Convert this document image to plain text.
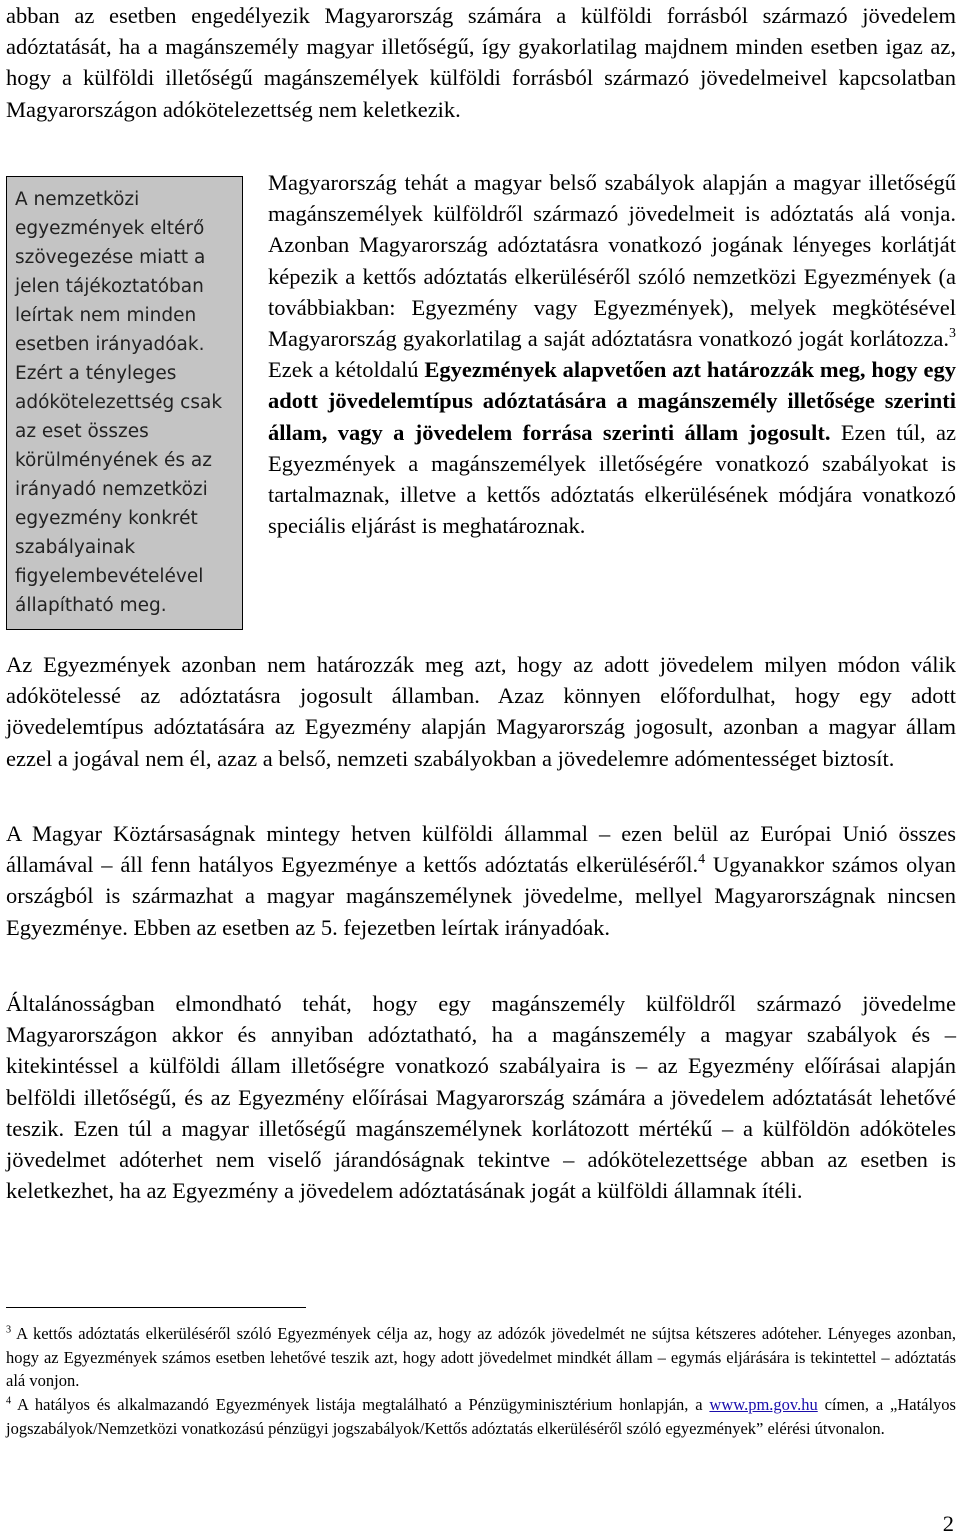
abban az esetben engedélyezik Magyarország számára a külföldi forrásból származó jövedelem adóztatását, ha a magánszemély magyar illetőségű, így gyakorlatilag majdnem minden esetben igaz az, hogy a külföldi illetőségű magánszemélyek külföldi forrásból származó jövedelmeivel kapcsolatban Magyarországon adókötelezettség nem keletkezik.

A nemzetközi egyezmények eltérő szövegezése miatt a jelen tájékoztatóban leírtak nem minden esetben irányadóak. Ezért a tényleges adókötelezettség csak az eset összes körülményének és az irányadó nemzetközi egyezmény konkrét szabályainak figyelembevételével állapítható meg.

Magyarország tehát a magyar belső szabályok alapján a magyar illetőségű magánszemélyek külföldről származó jövedelmeit is adóztatás alá vonja. Azonban Magyarország adóztatásra vonatkozó jogának lényeges korlátját képezik a kettős adóztatás elkerüléséről szóló nemzetközi Egyezmények (a továbbiakban: Egyezmény vagy Egyezmények), melyek megkötésével Magyarország gyakorlatilag a saját adóztatásra vonatkozó jogát korlátozza.$^3$ Ezek a kétoldalú Egyezmények alapvetően azt határozzák meg, hogy egy adott jövedelemtípus adóztatására a magánszemély illetősége szerinti állam, vagy a jövedelem forrása szerinti állam jogosult. Ezen túl, az Egyezmények a magánszemélyek illetőségére vonatkozó szabályokat is tartalmaznak, illetve a kettős adóztatás elkerülésének módjára vonatkozó speciális eljárást is meghatároznak.

Az Egyezmények azonban nem határozzák meg azt, hogy az adott jövedelem milyen módon válik adókötelessé az adóztatásra jogosult államban. Azaz könnyen előfordulhat, hogy egy adott jövedelemtípus adóztatására az Egyezmény alapján Magyarország jogosult, azonban a magyar állam ezzel a jogával nem él, azaz a belső, nemzeti szabályokban a jövedelemre adómentességet biztosít.

A Magyar Köztársaságnak mintegy hetven külföldi állammal – ezen belül az Európai Unió összes államával – áll fenn hatályos Egyezménye a kettős adóztatás elkerüléséről.$^4$ Ugyanakkor számos olyan országból is származhat a magyar magánszemélynek jövedelme, mellyel Magyarországnak nincsen Egyezménye. Ebben az esetben az 5. fejezetben leírtak irányadóak.

Általánosságban elmondható tehát, hogy egy magánszemély külföldről származó jövedelme Magyarországon akkor és annyiban adóztatható, ha a magánszemély a magyar szabályok és – kitekintéssel a külföldi állam illetőségre vonatkozó szabályaira is – az Egyezmény előírásai alapján belföldi illetőségű, és az Egyezmény előírásai Magyarország számára a jövedelem adóztatását lehetővé teszik. Ezen túl a magyar illetőségű magánszemélynek korlátozott mértékű – a külföldön adóköteles jövedelmet adóterhet nem viselő járandóságnak tekintve – adókötelezettsége abban az esetben is keletkezhet, ha az Egyezmény a jövedelem adóztatásának jogát a külföldi államnak ítéli.

$^3$ A kettős adóztatás elkerüléséről szóló Egyezmények célja az, hogy az adózók jövedelmét ne sújtsa kétszeres adóteher. Lényeges azonban, hogy az Egyezmények számos esetben lehetővé teszik azt, hogy adott jövedelmet mindkét állam – egymás eljárására is tekintettel – adóztatás alá vonjon.

$^4$ A hatályos és alkalmazandó Egyezmények listája megtalálható a Pénzügyminisztérium honlapján, a www.pm.gov.hu címen, a „Hatályos jogszabályok/Nemzetközi vonatkozású pénzügyi jogszabályok/Kettős adóztatás elkerüléséről szóló egyezmények” elérési útvonalon.

2
